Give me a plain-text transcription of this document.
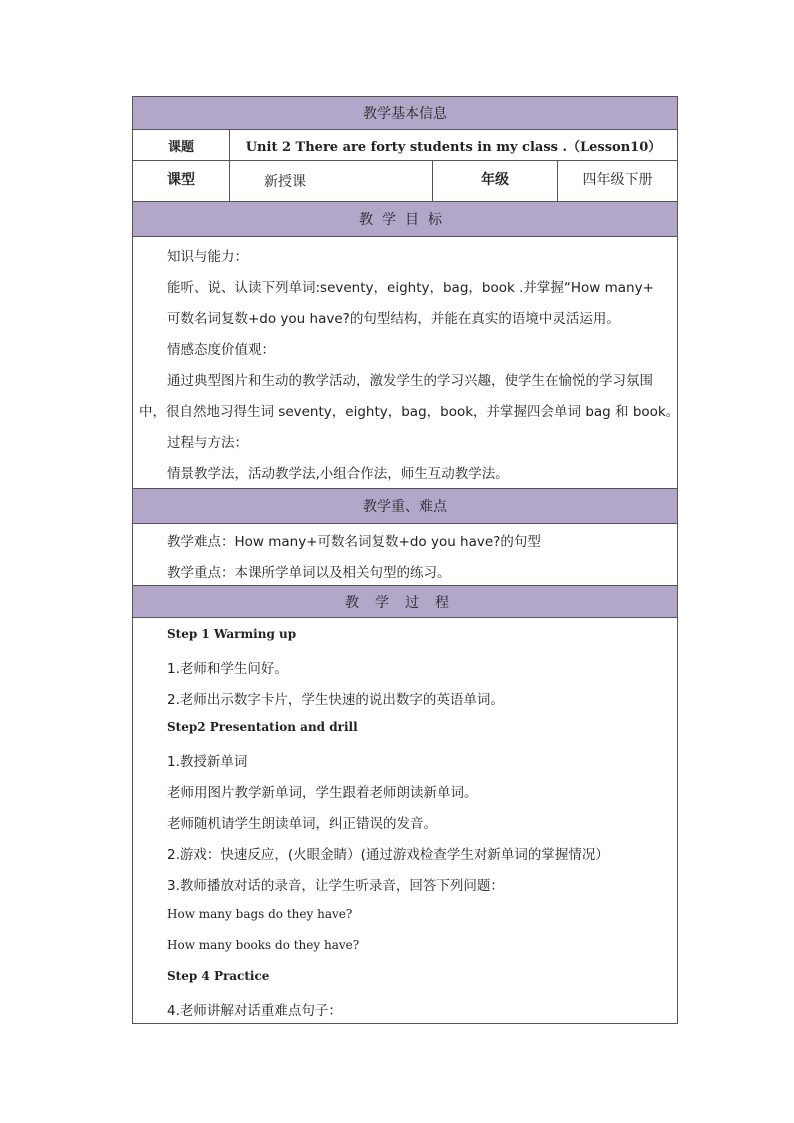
教学基本信息
课题	Unit 2 There are forty students in my class .（Lesson10）
课型	新授课	年级	四年级下册
教学目标
知识与能力：
能听、说、认读下列单词:seventy，eighty，bag，book .并掌握“How many+
可数名词复数+do you have?的句型结构，并能在真实的语境中灵活运用。
情感态度价值观：
通过典型图片和生动的教学活动，激发学生的学习兴趣，使学生在愉悦的学习氛围
中，很自然地习得生词 seventy，eighty，bag，book，并掌握四会单词 bag 和 book。
过程与方法：
情景教学法，活动教学法,小组合作法，师生互动教学法。
教学重、难点
教学难点：How many+可数名词复数+do you have?的句型
教学重点：本课所学单词以及相关句型的练习。
教学过程
Step 1 Warming up
1.老师和学生问好。
2.老师出示数字卡片，学生快速的说出数字的英语单词。
Step2 Presentation and drill
1.教授新单词
老师用图片教学新单词，学生跟着老师朗读新单词。
老师随机请学生朗读单词，纠正错误的发音。
2.游戏：快速反应，(火眼金睛）(通过游戏检查学生对新单词的掌握情况）
3.教师播放对话的录音，让学生听录音，回答下列问题：
How many bags do they have?
How many books do they have?
Step 4 Practice
4.老师讲解对话重难点句子：
